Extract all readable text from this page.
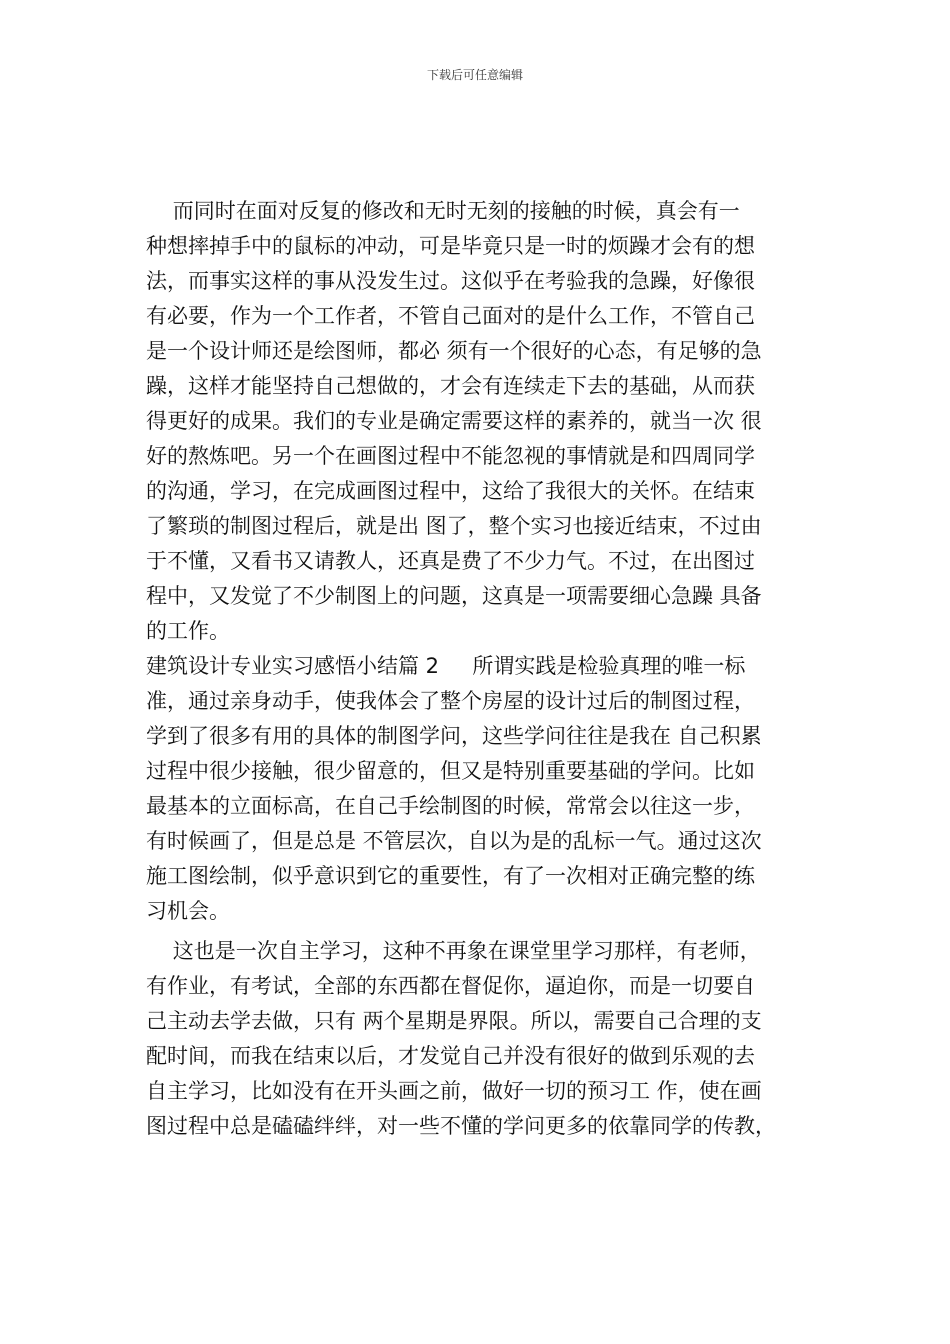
下载后可任意编辑
而同时在面对反复的修改和无时无刻的接触的时候，真会有一
种想摔掉手中的鼠标的冲动，可是毕竟只是一时的烦躁才会有的想
法，而事实这样的事从没发生过。这似乎在考验我的急躁，好像很
有必要，作为一个工作者，不管自己面对的是什么工作，不管自己
是一个设计师还是绘图师，都必 须有一个很好的心态，有足够的急
躁，这样才能坚持自己想做的，才会有连续走下去的基础，从而获
得更好的成果。我们的专业是确定需要这样的素养的，就当一次 很
好的熬炼吧。另一个在画图过程中不能忽视的事情就是和四周同学
的沟通，学习，在完成画图过程中，这给了我很大的关怀。在结束
了繁琐的制图过程后，就是出 图了，整个实习也接近结束，不过由
于不懂，又看书又请教人，还真是费了不少力气。不过，在出图过
程中，又发觉了不少制图上的问题，这真是一项需要细心急躁 具备
的工作。
建筑设计专业实习感悟小结篇 2     所谓实践是检验真理的唯一标
准，通过亲身动手，使我体会了整个房屋的设计过后的制图过程，
学到了很多有用的具体的制图学问，这些学问往往是我在 自己积累
过程中很少接触，很少留意的，但又是特别重要基础的学问。比如
最基本的立面标高，在自己手绘制图的时候，常常会以往这一步，
有时候画了，但是总是 不管层次，自以为是的乱标一气。通过这次
施工图绘制，似乎意识到它的重要性，有了一次相对正确完整的练
习机会。
这也是一次自主学习，这种不再象在课堂里学习那样，有老师，
有作业，有考试，全部的东西都在督促你，逼迫你，而是一切要自
己主动去学去做，只有 两个星期是界限。所以，需要自己合理的支
配时间，而我在结束以后，才发觉自己并没有很好的做到乐观的去
自主学习，比如没有在开头画之前，做好一切的预习工 作，使在画
图过程中总是磕磕绊绊，对一些不懂的学问更多的依靠同学的传教，
